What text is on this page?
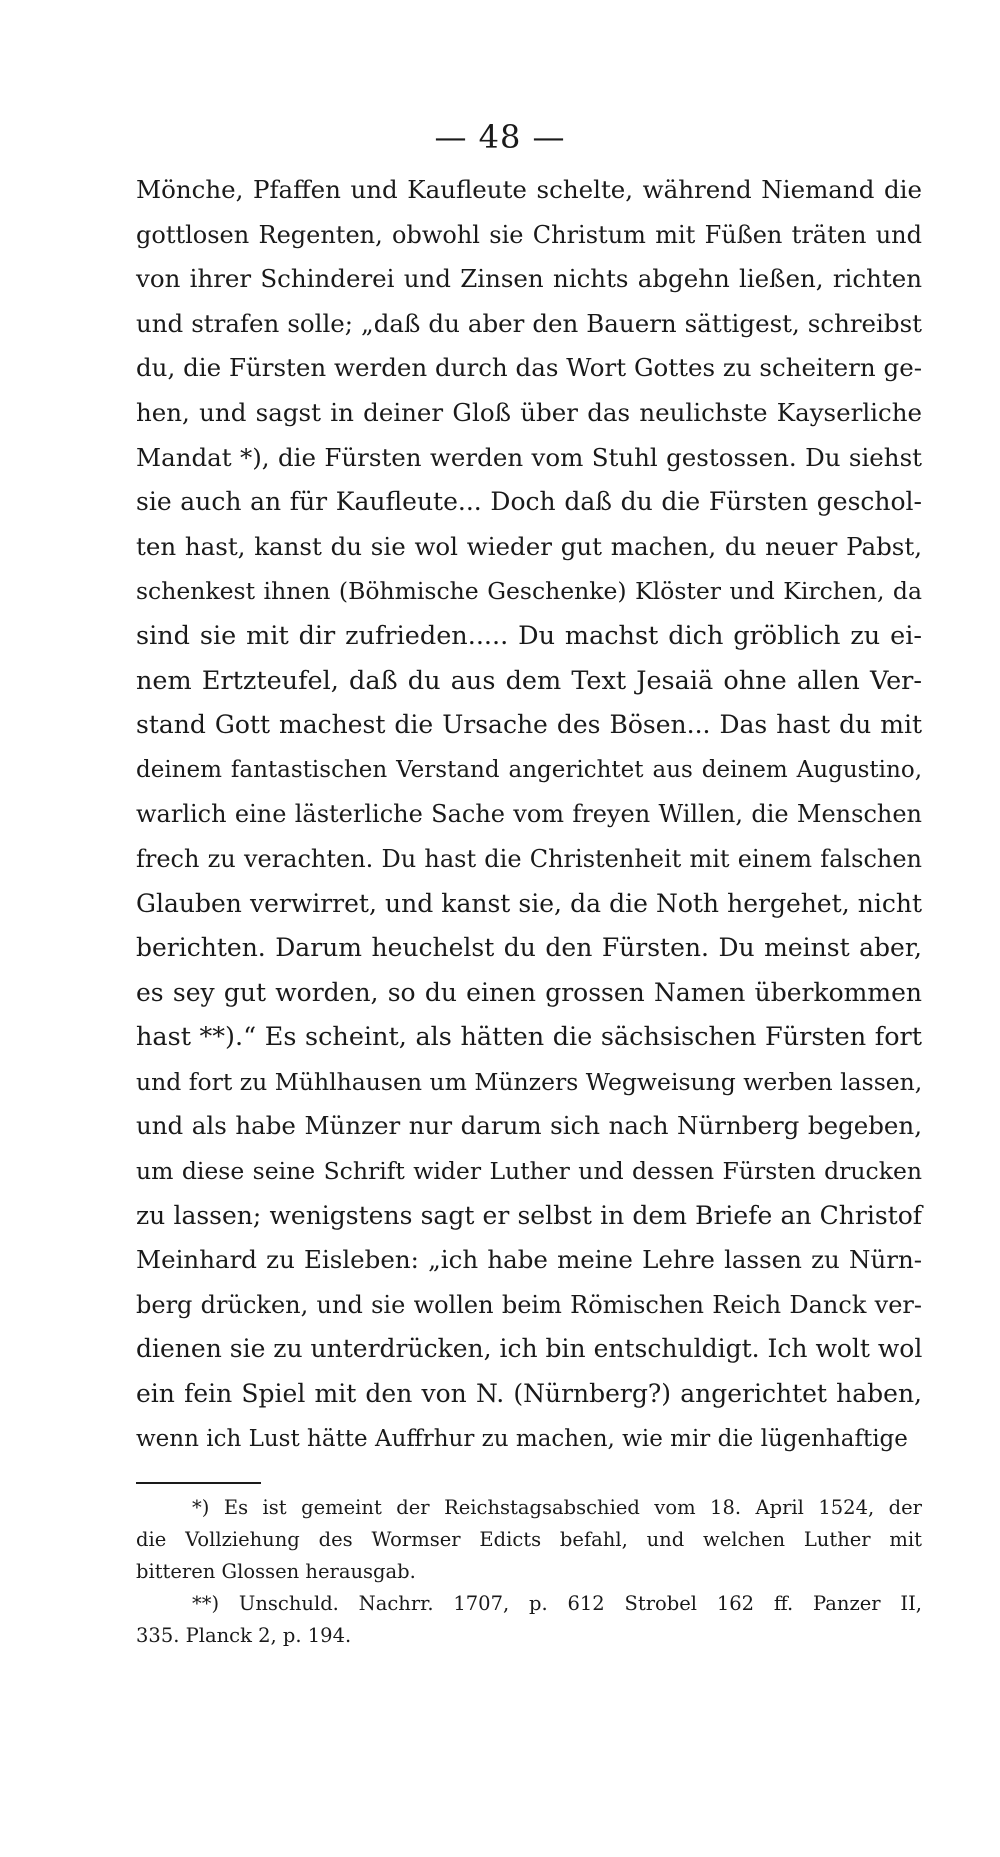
— 48 —
Mönche, Pfaffen und Kaufleute schelte, während Niemand die
gottlosen Regenten, obwohl sie Christum mit Füßen träten und
von ihrer Schinderei und Zinsen nichts abgehn ließen, richten
und strafen solle; „daß du aber den Bauern sättigest, schreibst
du, die Fürsten werden durch das Wort Gottes zu scheitern ge-
hen, und sagst in deiner Gloß über das neulichste Kayserliche
Mandat *), die Fürsten werden vom Stuhl gestossen. Du siehst
sie auch an für Kaufleute... Doch daß du die Fürsten geschol-
ten hast, kanst du sie wol wieder gut machen, du neuer Pabst,
schenkest ihnen (Böhmische Geschenke) Klöster und Kirchen, da
sind sie mit dir zufrieden..... Du machst dich gröblich zu ei-
nem Ertzteufel, daß du aus dem Text Jesaiä ohne allen Ver-
stand Gott machest die Ursache des Bösen... Das hast du mit
deinem fantastischen Verstand angerichtet aus deinem Augustino,
warlich eine lästerliche Sache vom freyen Willen, die Menschen
frech zu verachten. Du hast die Christenheit mit einem falschen
Glauben verwirret, und kanst sie, da die Noth hergehet, nicht
berichten. Darum heuchelst du den Fürsten. Du meinst aber,
es sey gut worden, so du einen grossen Namen überkommen
hast **).“ Es scheint, als hätten die sächsischen Fürsten fort
und fort zu Mühlhausen um Münzers Wegweisung werben lassen,
und als habe Münzer nur darum sich nach Nürnberg begeben,
um diese seine Schrift wider Luther und dessen Fürsten drucken
zu lassen; wenigstens sagt er selbst in dem Briefe an Christof
Meinhard zu Eisleben: „ich habe meine Lehre lassen zu Nürn-
berg drücken, und sie wollen beim Römischen Reich Danck ver-
dienen sie zu unterdrücken, ich bin entschuldigt. Ich wolt wol
ein fein Spiel mit den von N. (Nürnberg?) angerichtet haben,
wenn ich Lust hätte Auffrhur zu machen, wie mir die lügenhaftige
*) Es ist gemeint der Reichstagsabschied vom 18. April 1524, der
die Vollziehung des Wormser Edicts befahl, und welchen Luther mit
bitteren Glossen herausgab.
**) Unschuld. Nachrr. 1707, p. 612 Strobel 162 ff. Panzer II,
335. Planck 2, p. 194.
